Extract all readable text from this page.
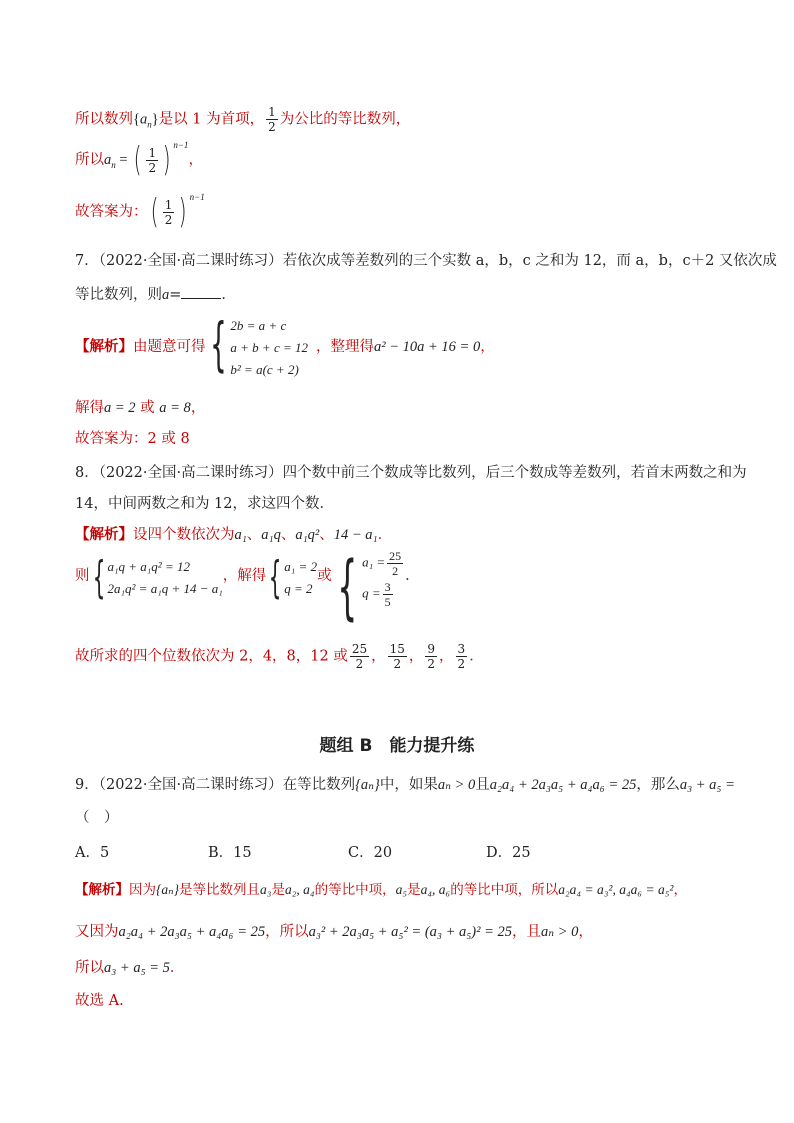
所以数列$\{a_n\}$是以 1 为首项， $\frac{1}{2}$ 为公比的等比数列，
所以$a_n$ = ( $\frac{1}{2}$ ) $^{n-1}$，
故答案为：( $\frac{1}{2}$ ) $^{n-1}$
7．（2022·全国·高二课时练习）若依次成等差数列的三个实数 a，b，c 之和为 12，而 a，b，c＋2 又依次成
等比数列，则a=	．
【解析】由题意可得{ 2b = a + c
a + b + c = 12
b² = a(c + 2)
，整理得a² − 10a + 16 = 0，
解得a = 2 或 a = 8，
故答案为：2 或 8
8．（2022·全国·高二课时练习）四个数中前三个数成等比数列，后三个数成等差数列，若首末两数之和为
14，中间两数之和为 12，求这四个数．
【解析】设四个数依次为a₁、a₁q、a₁q²、14 − a₁．
则{ a₁q + a₁q² = 12
2a₁q² = a₁q + 14 − a₁
，解得{ a₁ = 2
q = 2
或{ $a_1 = \frac{25}{2}$
$q = \frac{3}{5}$
．
故所求的四个位数依次为 2，4，8，12 或 $\frac{25}{2}$ ， $\frac{15}{2}$ ， $\frac{9}{2}$ ， $\frac{3}{2}$ ．
题组 B　能力提升练
9．（2022·全国·高二课时练习）在等比数列{aₙ}中，如果aₙ > 0且a₂a₄ + 2a₃a₅ + a₄a₆ = 25，那么a₃ + a₅ =
（　）
A．5	B．15	C．20	D．25
【解析】因为{aₙ}是等比数列且a₃是a₂, a₄的等比中项，a₅是a₄, a₆的等比中项，所以a₂a₄ = a₃², a₄a₆ = a₅²，
又因为a₂a₄ + 2a₃a₅ + a₄a₆ = 25，所以a₃² + 2a₃a₅ + a₅² = (a₃ + a₅)² = 25，且aₙ > 0，
所以a₃ + a₅ = 5．
故选 A.
